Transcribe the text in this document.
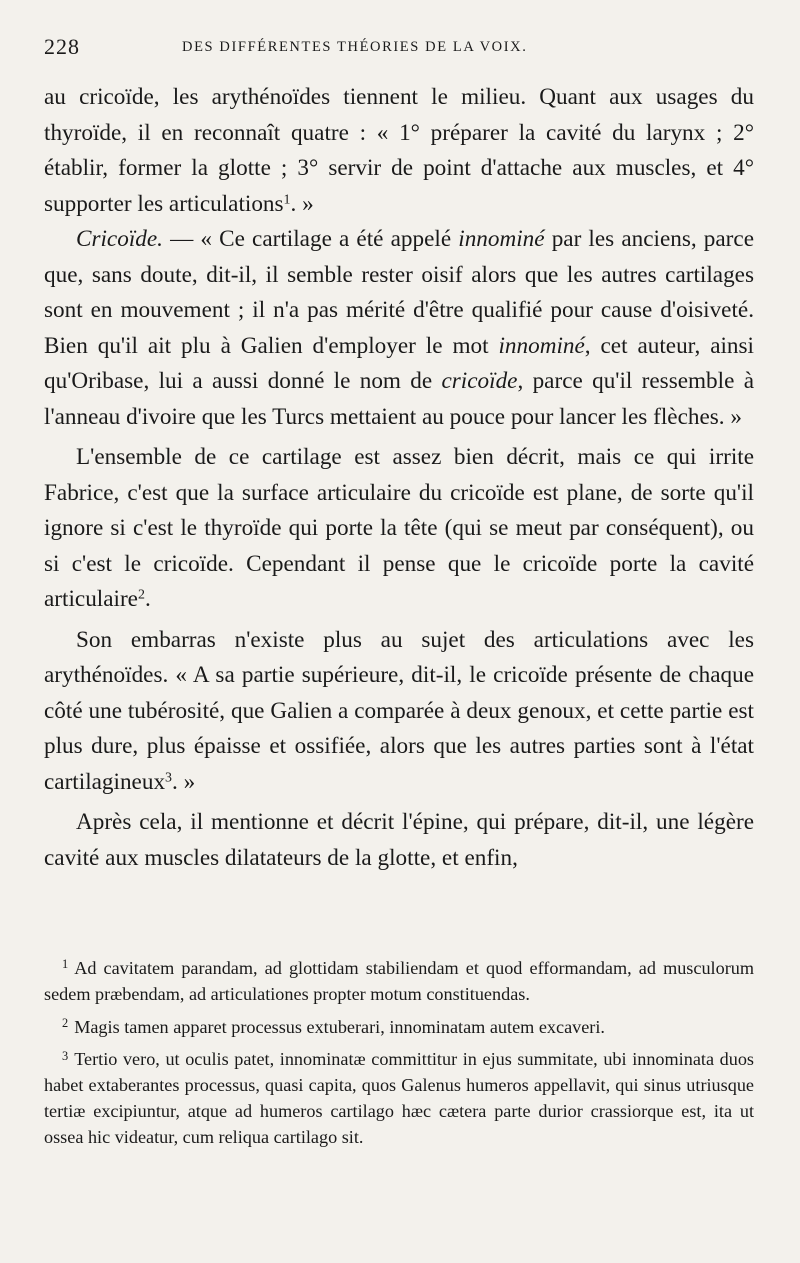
228	DES DIFFÉRENTES THÉORIES DE LA VOIX.

au cricoïde, les arythénoïdes tiennent le milieu. Quant aux usages du thyroïde, il en reconnaît quatre : « 1° préparer la cavité du larynx ; 2° établir, former la glotte ; 3° servir de point d'attache aux muscles, et 4° supporter les articulations$^1$. »

Cricoïde. — « Ce cartilage a été appelé innominé par les anciens, parce que, sans doute, dit-il, il semble rester oisif alors que les autres cartilages sont en mouvement ; il n'a pas mérité d'être qualifié pour cause d'oisiveté. Bien qu'il ait plu à Galien d'employer le mot innominé, cet auteur, ainsi qu'Oribase, lui a aussi donné le nom de cricoïde, parce qu'il ressemble à l'anneau d'ivoire que les Turcs mettaient au pouce pour lancer les flèches. »

L'ensemble de ce cartilage est assez bien décrit, mais ce qui irrite Fabrice, c'est que la surface articulaire du cricoïde est plane, de sorte qu'il ignore si c'est le thyroïde qui porte la tête (qui se meut par conséquent), ou si c'est le cricoïde. Cependant il pense que le cricoïde porte la cavité articulaire$^2$.

Son embarras n'existe plus au sujet des articulations avec les arythénoïdes. « A sa partie supérieure, dit-il, le cricoïde présente de chaque côté une tubérosité, que Galien a comparée à deux genoux, et cette partie est plus dure, plus épaisse et ossifiée, alors que les autres parties sont à l'état cartilagineux$^3$. »

Après cela, il mentionne et décrit l'épine, qui prépare, dit-il, une légère cavité aux muscles dilatateurs de la glotte, et enfin,

$^1$ Ad cavitatem parandam, ad glottidam stabiliendam et quod efformandam, ad musculorum sedem præbendam, ad articulationes propter motum constituendas.

$^2$ Magis tamen apparet processus extuberari, innominatam autem excaveri.

$^3$ Tertio vero, ut oculis patet, innominatæ committitur in ejus summitate, ubi innominata duos habet extaberantes processus, quasi capita, quos Galenus humeros appellavit, qui sinus utriusque tertiæ excipiuntur, atque ad humeros cartilago hæc cætera parte durior crassiorque est, ita ut ossea hic videatur, cum reliqua cartilago sit.
